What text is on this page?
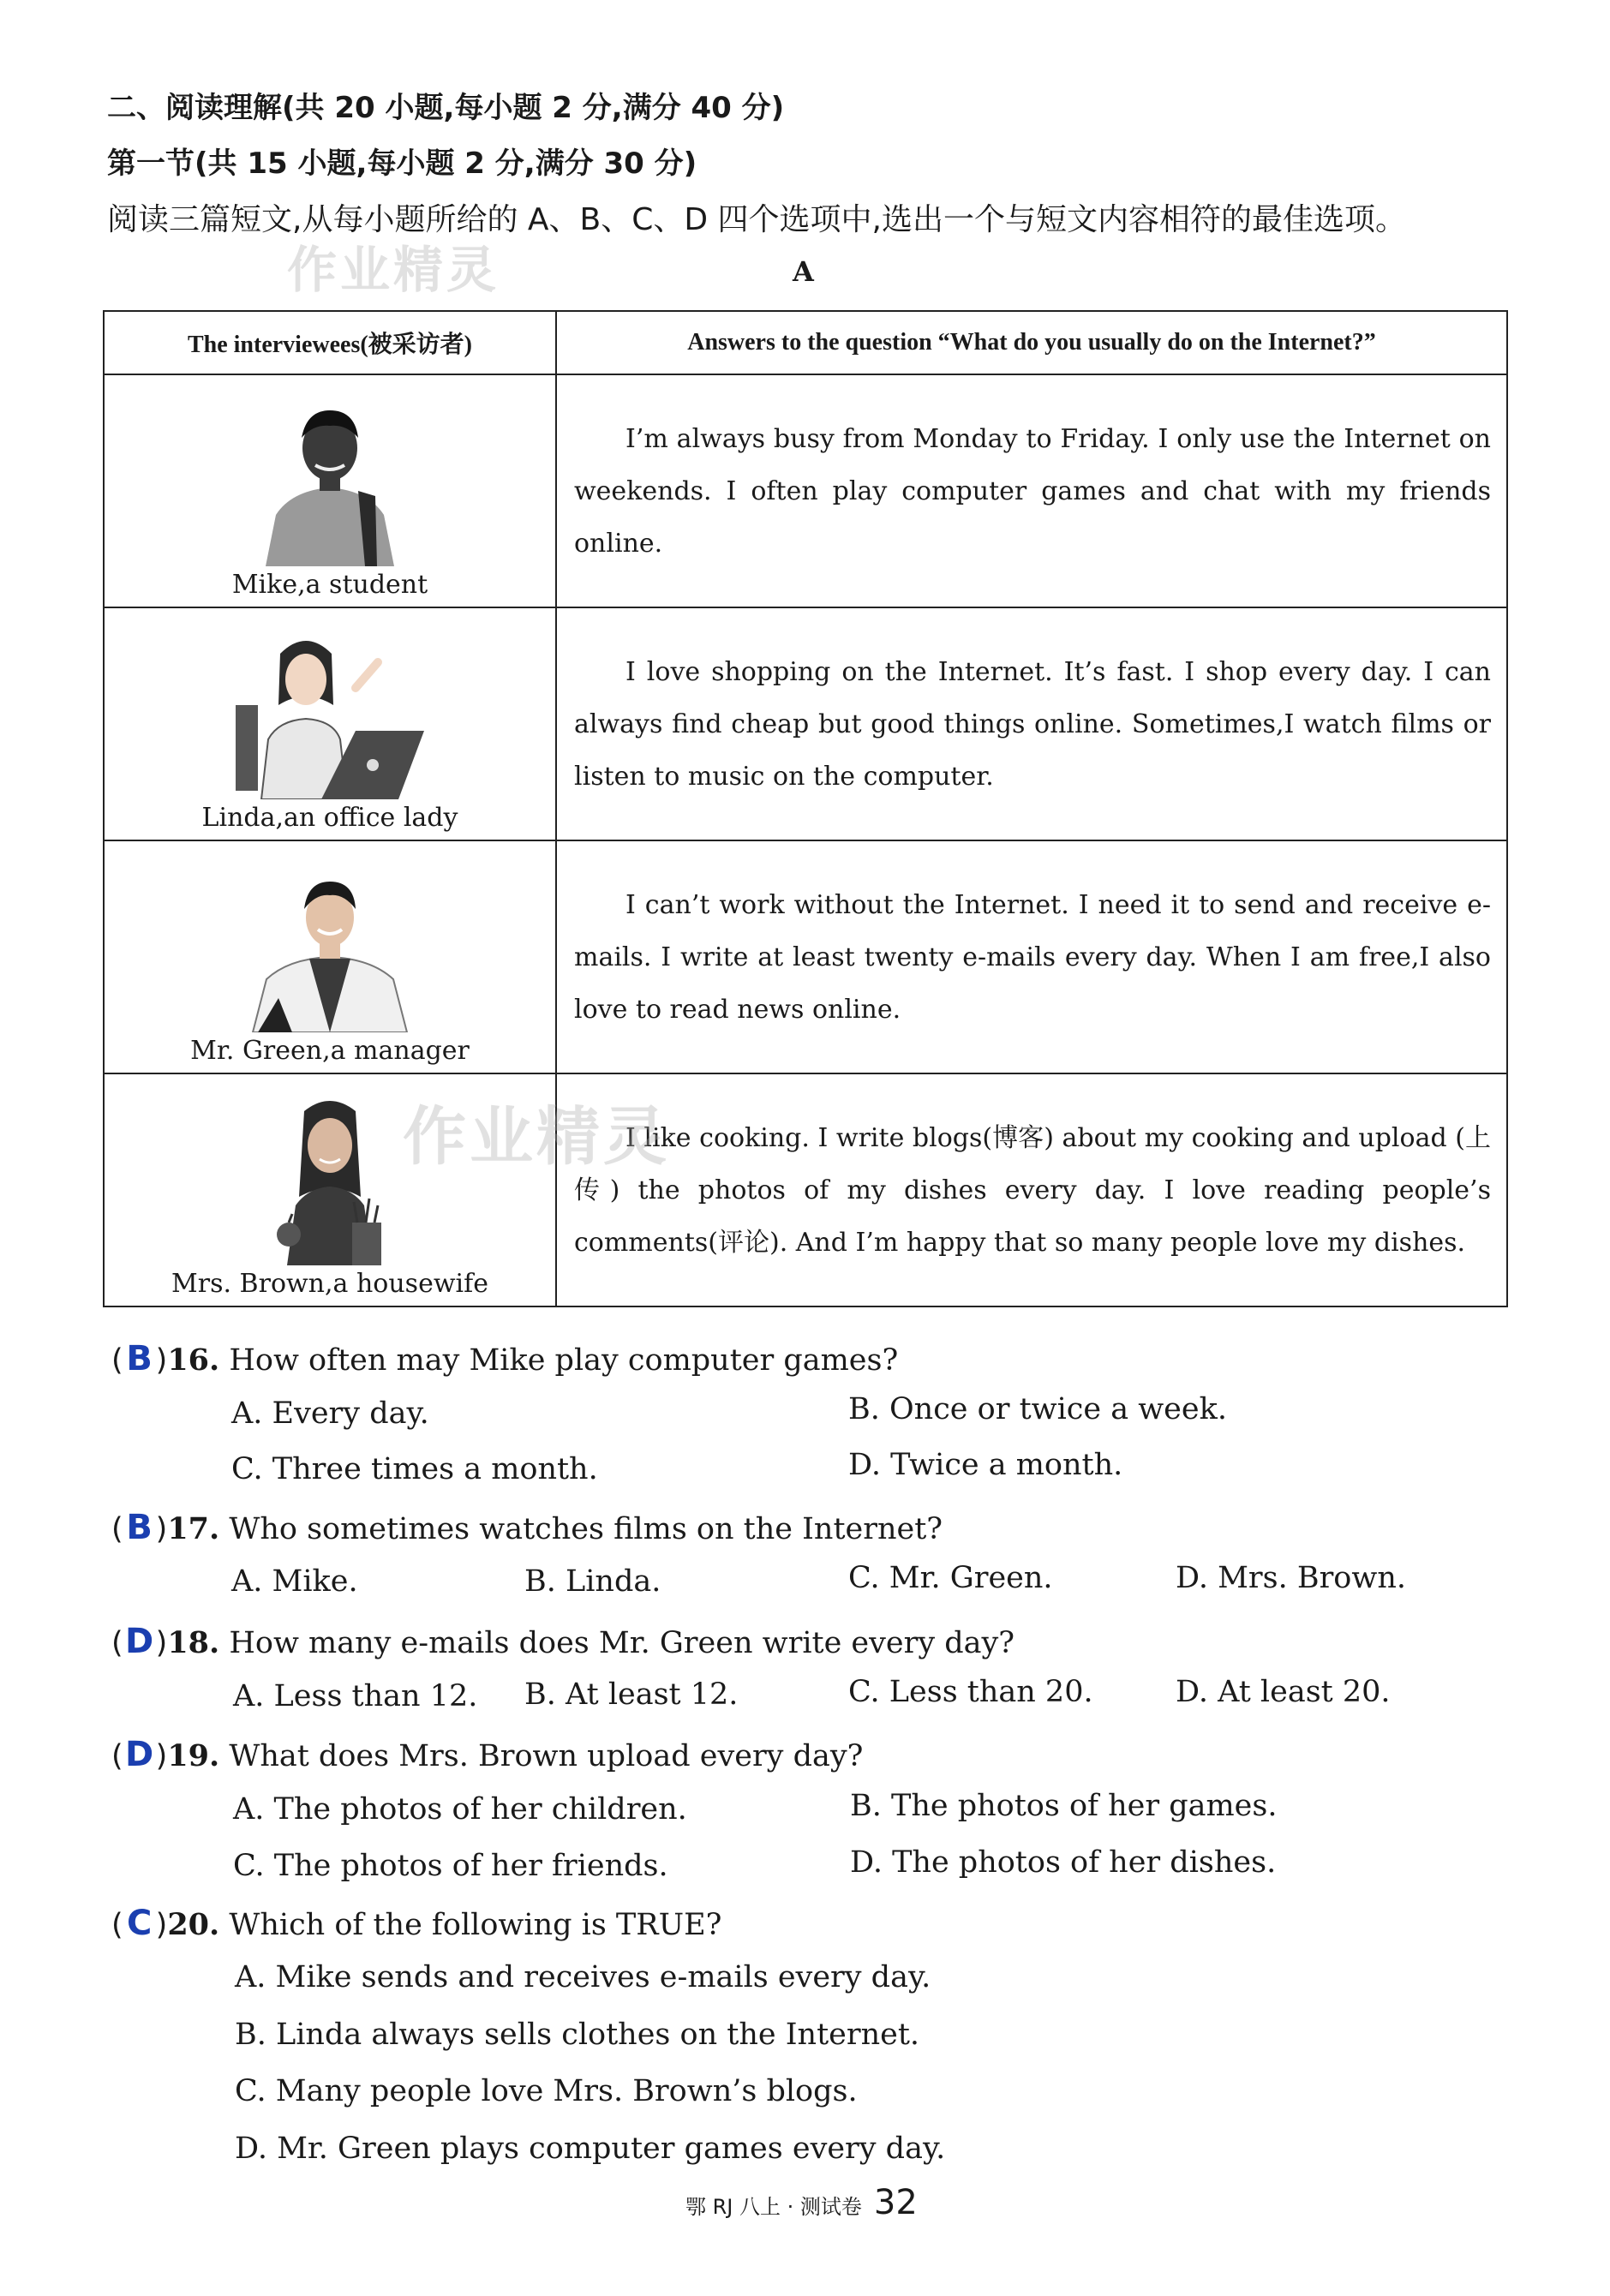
二、阅读理解(共 20 小题,每小题 2 分,满分 40 分)
第一节(共 15 小题,每小题 2 分,满分 30 分)
阅读三篇短文,从每小题所给的 A、B、C、D 四个选项中,选出一个与短文内容相符的最佳选项。
作业精灵	A
The interviewees(被采访者)	Answers to the question “What do you usually do on the Internet?”

Mike,a student	I’m always busy from Monday to Friday. I only use the Internet on weekends. I often play computer games and chat with my friends online.

Linda,an office lady	I love shopping on the Internet. It’s fast. I shop every day. I can always find cheap but good things online. Sometimes,I watch films or listen to music on the computer.

Mr. Green,a manager	I can’t work without the Internet. I need it to send and receive e-mails. I write at least twenty e-mails every day. When I am free,I also love to read news online.

Mrs. Brown,a housewife	I like cooking. I write blogs(博客) about my cooking and upload (上传) the photos of my dishes every day. I love reading people’s comments(评论). And I’m happy that so many people love my dishes.
作业精灵
(B )16. How often may Mike play computer games?
A. Every day.	B. Once or twice a week.
C. Three times a month.	D. Twice a month.
(B )17. Who sometimes watches films on the Internet?
A. Mike.	B. Linda.	C. Mr. Green.	D. Mrs. Brown.
(D)18. How many e-mails does Mr. Green write every day?
A. Less than 12. B. At least 12.	C. Less than 20.	D. At least 20.
(D)19. What does Mrs. Brown upload every day?
A. The photos of her children.	B. The photos of her games.
C. The photos of her friends.	D. The photos of her dishes.
( C )20. Which of the following is TRUE?
A. Mike sends and receives e-mails every day.
B. Linda always sells clothes on the Internet.
C. Many people love Mrs. Brown’s blogs.
D. Mr. Green plays computer games every day.
鄂 RJ 八上 · 测试卷 32
